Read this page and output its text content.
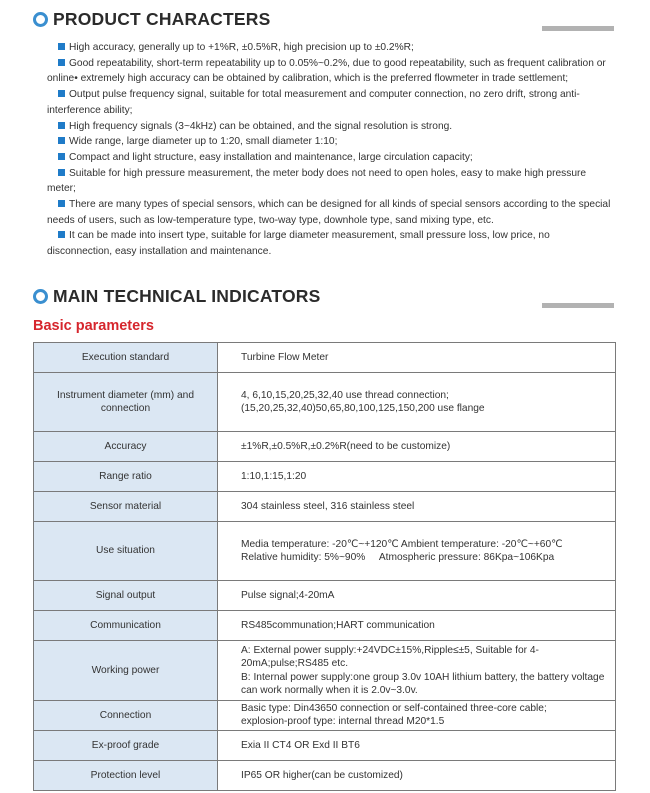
PRODUCT CHARACTERS

High accuracy, generally up to +1%R, ±0.5%R, high precision up to ±0.2%R;

Good repeatability, short-term repeatability up to 0.05%~0.2%, due to good repeatability, such as frequent calibration or online• extremely high accuracy can be obtained by calibration, which is the preferred flowmeter in trade settlement;

Output pulse frequency signal, suitable for total measurement and computer connection, no zero drift, strong anti-interference ability;

High frequency signals (3~4kHz) can be obtained, and the signal resolution is strong.

Wide range, large diameter up to 1:20, small diameter 1:10;

Compact and light structure, easy installation and maintenance, large circulation capacity;

Suitable for high pressure measurement, the meter body does not need to open holes, easy to make high pressure meter;

There are many types of special sensors, which can be designed for all kinds of special sensors according to the special needs of users, such as low-temperature type, two-way type, downhole type, sand mixing type, etc.

It can be made into insert type, suitable for large diameter measurement, small pressure loss, low price, no disconnection, easy installation and maintenance.

MAIN TECHNICAL INDICATORS
Basic parameters
Execution standard	Turbine Flow Meter

Instrument diameter (mm) and connection	4, 6,10,15,20,25,32,40 use thread connection;
(15,20,25,32,40)50,65,80,100,125,150,200 use flange

Accuracy	±1%R,±0.5%R,±0.2%R(need to be customize)

Range ratio	1:10,1:15,1:20

Sensor material	304 stainless steel, 316 stainless steel

Use situation	Media temperature: -20℃~+120℃ Ambient temperature: -20℃~+60℃
Relative humidity: 5%~90%     Atmospheric pressure: 86Kpa~106Kpa

Signal output	Pulse signal;4-20mA

Communication	RS485communation;HART communication

Working power	A: External power supply:+24VDC±15%,Ripple≤±5, Suitable for 4-20mA;pulse;RS485 etc.
B: Internal power supply:one group 3.0v 10AH lithium battery, the battery voltage can work normally when it is 2.0v~3.0v.

Connection	Basic type: Din43650 connection or self-contained three-core cable;
explosion-proof type: internal thread M20*1.5

Ex-proof grade	Exia II CT4 OR Exd II BT6

Protection level	IP65 OR higher(can be customized)
